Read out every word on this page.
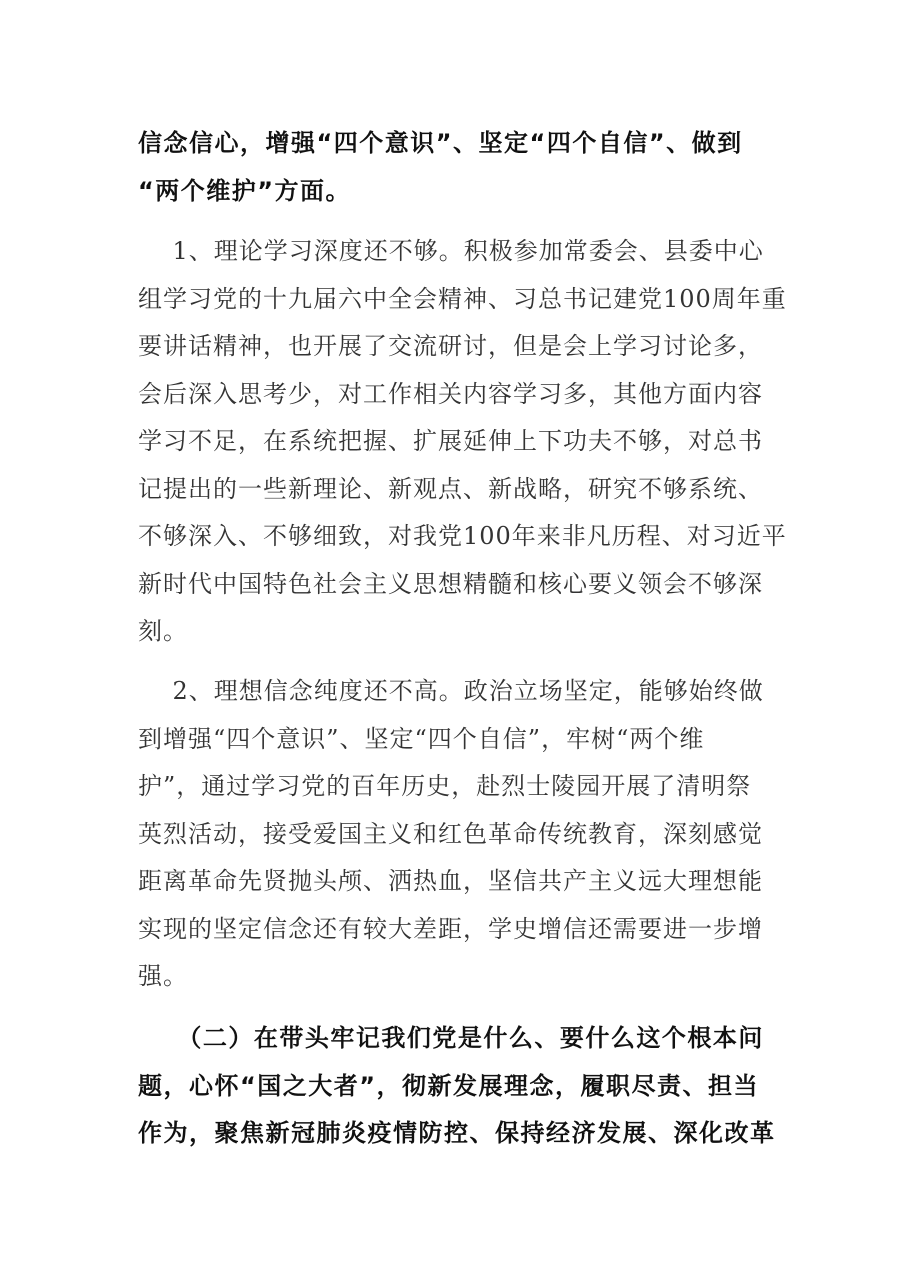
信念信心，增强“四个意识”、坚定“四个自信”、做到
“两个维护”方面。
1、理论学习深度还不够。积极参加常委会、县委中心
组学习党的十九届六中全会精神、习总书记建党100周年重
要讲话精神，也开展了交流研讨，但是会上学习讨论多，
会后深入思考少，对工作相关内容学习多，其他方面内容
学习不足，在系统把握、扩展延伸上下功夫不够，对总书
记提出的一些新理论、新观点、新战略，研究不够系统、
不够深入、不够细致，对我党100年来非凡历程、对习近平
新时代中国特色社会主义思想精髓和核心要义领会不够深
刻。
2、理想信念纯度还不高。政治立场坚定，能够始终做
到增强“四个意识”、坚定“四个自信”，牢树“两个维
护”，通过学习党的百年历史，赴烈士陵园开展了清明祭
英烈活动，接受爱国主义和红色革命传统教育，深刻感觉
距离革命先贤抛头颅、洒热血，坚信共产主义远大理想能
实现的坚定信念还有较大差距，学史增信还需要进一步增
强。
（二）在带头牢记我们党是什么、要什么这个根本问
题，心怀“国之大者”，彻新发展理念，履职尽责、担当
作为，聚焦新冠肺炎疫情防控、保持经济发展、深化改革
